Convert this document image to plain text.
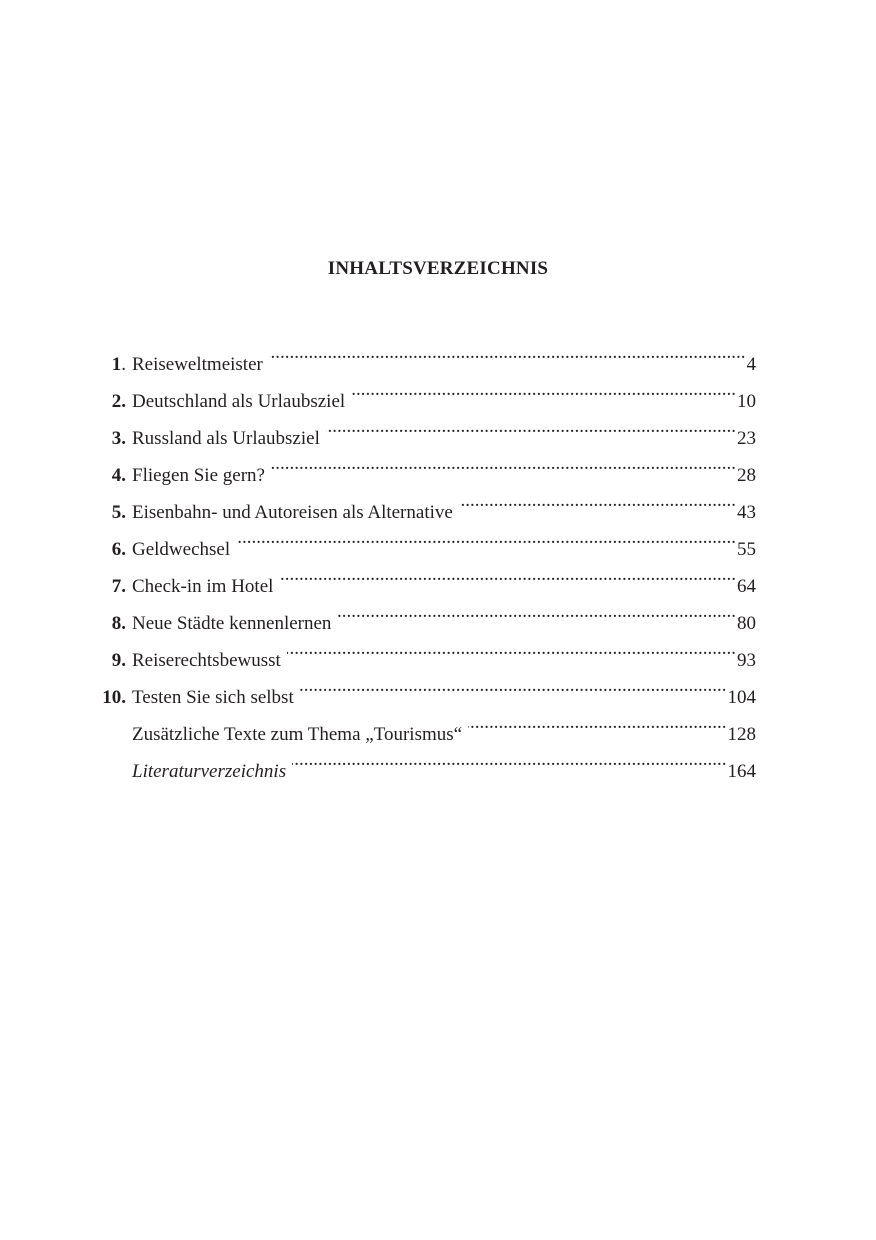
INHALTSVERZEICHNIS
1. Reiseweltmeister .....	4
2. Deutschland als Urlaubsziel .....	10
3. Russland als Urlaubsziel .....	23
4. Fliegen Sie gern? .....	28
5. Eisenbahn- und Autoreisen als Alternative .....	43
6. Geldwechsel .....	55
7. Check-in im Hotel .....	64
8. Neue Städte kennenlernen .....	80
9. Reiserechtsbewusst .....	93
10. Testen Sie sich selbst .....	104
Zusätzliche Texte zum Thema „Tourismus“ .....	128
Literaturverzeichnis .....	164
